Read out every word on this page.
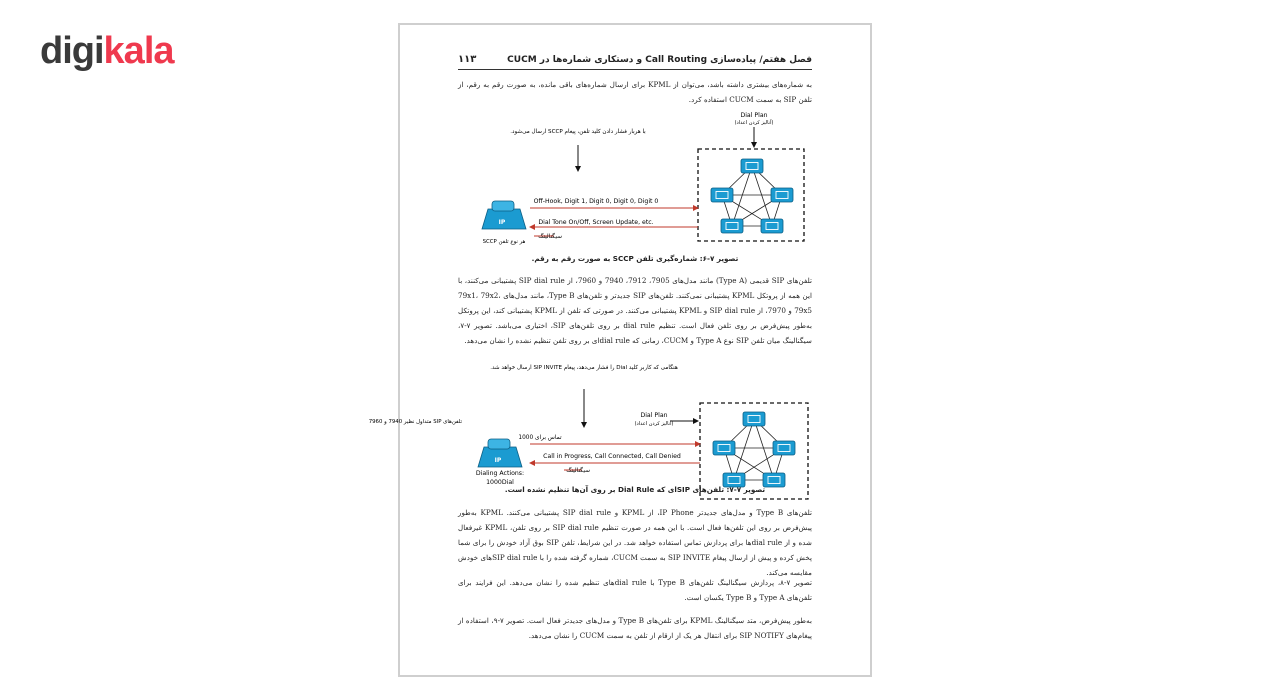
digikala	فصل هفتم/ پیاده‌سازی Call Routing و دستکاری شماره‌ها در CUCM
۱۱۳
به شماره‌های بیشتری داشته باشد، می‌توان از KPML برای ارسال شماره‌های باقی مانده، به صورت رقم به رقم، از تلفن SIP به سمت CUCM استفاده کرد.
با هربار فشار دادن کلید تلفن، پیغام SCCP ارسال می‌شود.
Dial Plan
(آنالیز کردن اعداد)
Off-Hook, Digit 1, Digit 0, Digit 0, Digit 0
Dial Tone On/Off, Screen Update, etc.
IP
هر نوع تلفن SCCP
سیگنالینگ
تصویر ۷-۶: شماره‌گیری تلفن SCCP به صورت رقم به رقم.
تلفن‌های SIP قدیمی (Type A) مانند مدل‌های 7905، 7912، 7940 و 7960، از SIP dial rule پشتیبانی می‌کنند، با این همه از پروتکل KPML پشتیبانی نمی‌کنند. تلفن‌های SIP جدیدتر و تلفن‌های Type B، مانند مدل‌های 79x1، 79x2، 79x5 و 7970، از SIP dial rule و KPML پشتیبانی می‌کنند. در صورتی که تلفن از KPML پشتیبانی کند، این پروتکل به‌طور پیش‌فرض بر روی تلفن فعال است. تنظیم dial rule بر روی تلفن‌های SIP، اختیاری می‌باشد. تصویر ۷-۷، سیگنالینگ میان تلفن SIP نوع Type A و CUCM، زمانی که dial rule‌ای بر روی تلفن تنظیم نشده را نشان می‌دهد.
هنگامی که کاربر کلید Dial را فشار می‌دهد، پیغام SIP INVITE ارسال خواهد شد.
Dial Plan
(آنالیز کردن اعداد)
تماس برای 1000
Call in Progress, Call Connected, Call Denied
تلفن‌های SIP متداول نظیر 7940 و 7960
IP
Dialing Actions:
1000Dial
سیگنالینگ
تصویر ۷-۷: تلفن‌های SIP‌ای که Dial Rule بر روی آن‌ها تنظیم نشده است.
تلفن‌های Type B و مدل‌های جدیدتر IP Phone، از KPML و SIP dial rule پشتیبانی می‌کنند. KPML به‌طور پیش‌فرض بر روی این تلفن‌ها فعال است. با این همه در صورت تنظیم SIP dial rule بر روی تلفن، KPML غیرفعال شده و از dial rule‌ها برای پردازش تماس استفاده خواهد شد. در این شرایط، تلفن SIP بوق آزاد خودش را برای شما پخش کرده و پیش از ارسال پیغام SIP INVITE به سمت CUCM، شماره گرفته شده را با SIP dial rule‌های خودش مقایسه می‌کند.
تصویر ۷-۸، پردازش سیگنالینگ تلفن‌های Type B با dial rule‌های تنظیم شده را نشان می‌دهد. این فرایند برای تلفن‌های Type A و Type B یکسان است.
به‌طور پیش‌فرض، متد سیگنالینگ KPML برای تلفن‌های Type B و مدل‌های جدیدتر فعال است. تصویر ۷-۹، استفاده از پیغام‌های SIP NOTIFY برای انتقال هر یک از ارقام از تلفن به سمت CUCM را نشان می‌دهد.
